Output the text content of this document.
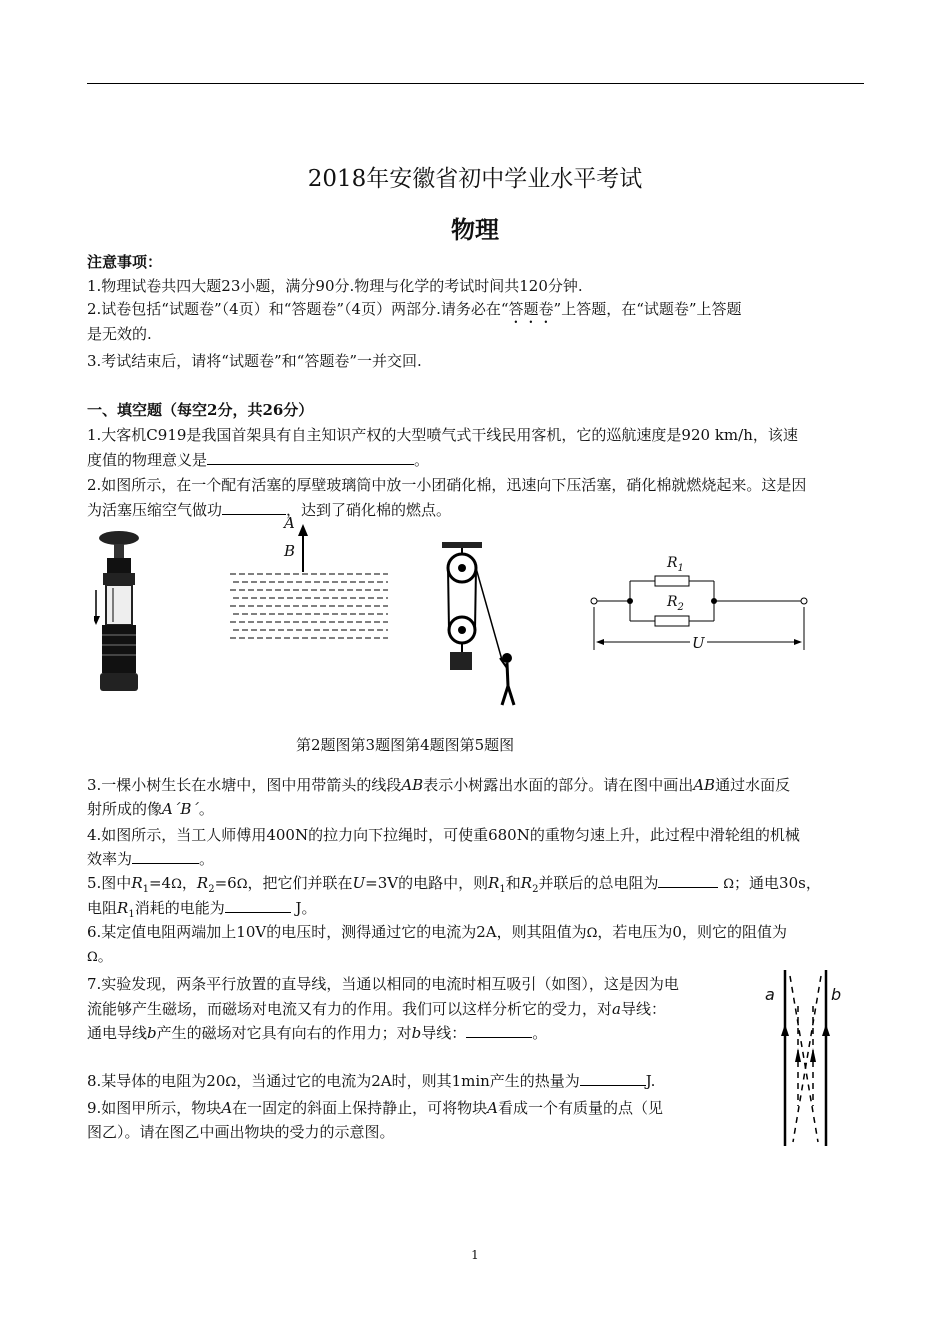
2018年安徽省初中学业水平考试
物理
注意事项：
1.物理试卷共四大题23小题，满分90分.物理与化学的考试时间共120分钟.
2.试卷包括“试题卷”（4页）和“答题卷”（4页）两部分.请务必在“答题卷”上答题，在“试题卷”上答题
是无效的.
3.考试结束后，请将“试题卷”和“答题卷”一并交回.
一、填空题（每空2分，共26分）
1.大客机C919是我国首架具有自主知识产权的大型喷气式干线民用客机，它的巡航速度是920 km/h，该速
度值的物理意义是	。
2.如图所示，在一个配有活塞的厚壁玻璃筒中放一小团硝化棉，迅速向下压活塞，硝化棉就燃烧起来。这是因
为活塞压缩空气做功	，达到了硝化棉的燃点。
A
B
$R_1$
$R_2$
U
第2题图第3题图第4题图第5题图
3.一棵小树生长在水塘中，图中用带箭头的线段AB表示小树露出水面的部分。请在图中画出AB通过水面反
射所成的像A´B´。
4.如图所示，当工人师傅用400N的拉力向下拉绳时，可使重680N的重物匀速上升，此过程中滑轮组的机械
效率为	。
5.图中$R_1=4\Omega$，$R_2=6\Omega$，把它们并联在U=3V的电路中，则$R_1$和$R_2$并联后的总电阻为	Ω；通电30s，
电阻$R_1$消耗的电能为	J。
6.某定值电阻两端加上10V的电压时，测得通过它的电流为2A，则其阻值为Ω，若电压为0，则它的阻值为
Ω。
7.实验发现，两条平行放置的直导线，当通以相同的电流时相互吸引（如图），这是因为电
流能够产生磁场，而磁场对电流又有力的作用。我们可以这样分析它的受力，对a导线：
通电导线b产生的磁场对它具有向右的作用力；对b导线：	。
a	b
8.某导体的电阻为20Ω，当通过它的电流为2A时，则其1min产生的热量为	J.
9.如图甲所示，物块A在一固定的斜面上保持静止，可将物块A看成一个有质量的点（见
图乙）。请在图乙中画出物块的受力的示意图。
1
